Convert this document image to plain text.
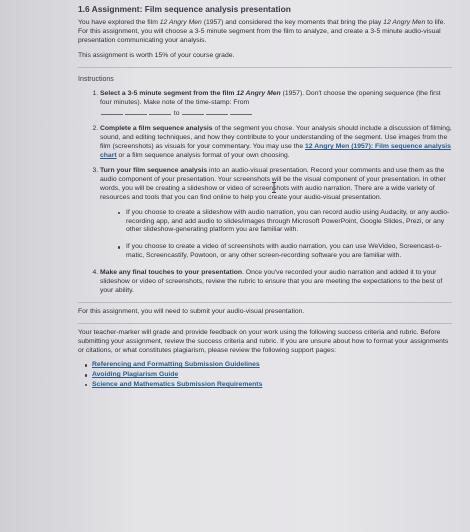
1.6 Assignment: Film sequence analysis presentation

You have explored the film 12 Angry Men (1957) and considered the key moments that bring the play 12 Angry Men to life. For this assignment, you will choose a 3-5 minute segment from the film to analyze, and create a 3-5 minute audio-visual presentation communicating your analysis.

This assignment is worth 15% of your course grade.

Instructions
1. Select a 3-5 minute segment from the film 12 Angry Men (1957). Don't choose the opening sequence (the first four minutes). Make note of the time-stamp: From
to
2. Complete a film sequence analysis of the segment you chose. Your analysis should include a discussion of filming, sound, and editing techniques, and how they contribute to your understanding of the segment. Use images from the film (screenshots) as visuals for your commentary. You may use the 12 Angry Men (1957): Film sequence analysis chart or a film sequence analysis format of your own choosing.
3. Turn your film sequence analysis into an audio-visual presentation. Record your comments and use them as the audio component of your presentation. Your screenshots will be the visual component of your presentation. In other words, you will be creating a slideshow or video of screenshots with audio narration. There are a wide variety of resources and tools that you can find online to help you create your audio-visual presentation.
If you choose to create a slideshow with audio narration, you can record audio using Audacity, or any audio-recording app, and add audio to slides/images through Microsoft PowerPoint, Google Slides, Prezi, or any other slideshow-generating platform you are familiar with.
If you choose to create a video of screenshots with audio narration, you can use WeVideo, Screencast-o-matic, Screencastify, Powtoon, or any other screen-recording software you are familiar with.
4. Make any final touches to your presentation. Once you've recorded your audio narration and added it to your slideshow or video of screenshots, review the rubric to ensure that you are meeting the expectations to the best of your ability.

For this assignment, you will need to submit your audio-visual presentation.

Your teacher-marker will grade and provide feedback on your work using the following success criteria and rubric. Before submitting your assignment, review the success criteria and rubric. If you are unsure about how to format your assignments or citations, or what constitutes plagiarism, please review the following support pages:

Referencing and Formatting Submission Guidelines
Avoiding Plagiarism Guide
Science and Mathematics Submission Requirements
